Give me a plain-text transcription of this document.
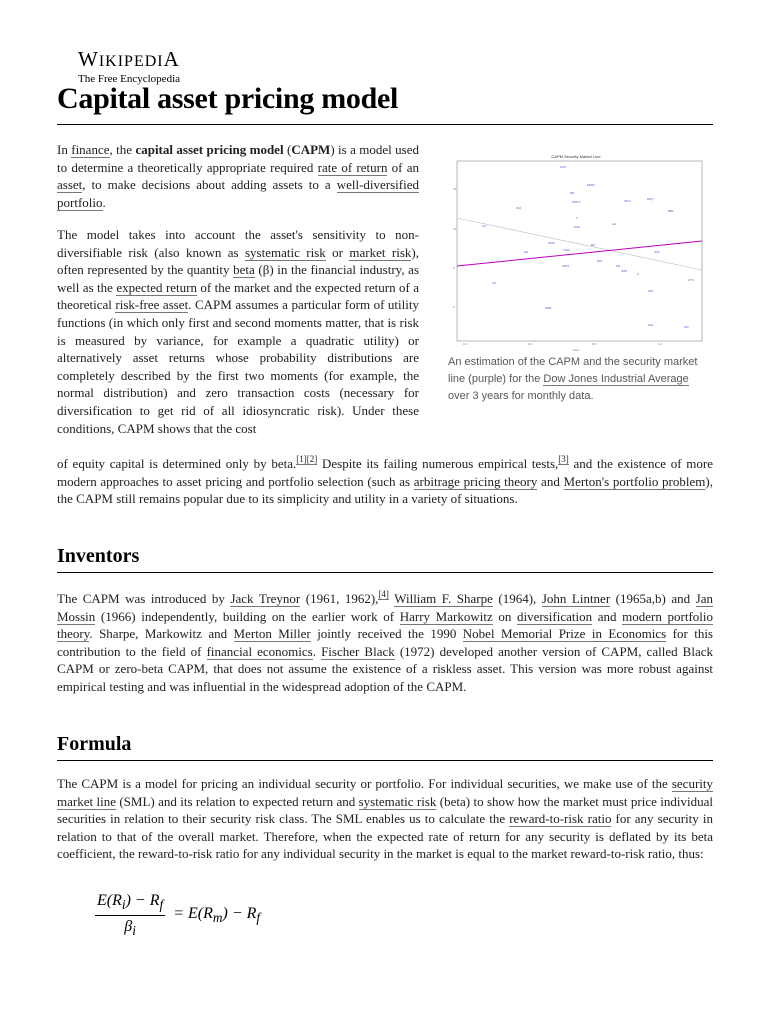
WIKIPEDIA
The Free Encyclopedia
Capital asset pricing model
CAPM Security Market Line
AXP
MMM
DD
MSFT	INTC	HPQ
JNJ
IBM
T
PFE
AA
KO
MCD	BA
XOM
GE	CAT
DIS
WMT	HD
JPM
C
VZ
UTX
GM
MRK
AIG	MO
15
10
5
0
0.4	0.6	0.8	1.2
beta
An estimation of the CAPM and the security market line (purple) for the Dow Jones Industrial Average over 3 years for monthly data.

In finance, the capital asset pricing model (CAPM) is a model used to determine a theoretically appropriate required rate of return of an asset, to make decisions about adding assets to a well-diversified portfolio.

The model takes into account the asset's sensitivity to non-diversifiable risk (also known as systematic risk or market risk), often represented by the quantity beta (β) in the financial industry, as well as the expected return of the market and the expected return of a theoretical risk-free asset. CAPM assumes a particular form of utility functions (in which only first and second moments matter, that is risk is measured by variance, for example a quadratic utility) or alternatively asset returns whose probability distributions are completely described by the first two moments (for example, the normal distribution) and zero transaction costs (necessary for diversification to get rid of all idiosyncratic risk). Under these conditions, CAPM shows that the cost

of equity capital is determined only by beta.[1][2] Despite its failing numerous empirical tests,[3] and the existence of more modern approaches to asset pricing and portfolio selection (such as arbitrage pricing theory and Merton's portfolio problem), the CAPM still remains popular due to its simplicity and utility in a variety of situations.

Inventors

The CAPM was introduced by Jack Treynor (1961, 1962),[4] William F. Sharpe (1964), John Lintner (1965a,b) and Jan Mossin (1966) independently, building on the earlier work of Harry Markowitz on diversification and modern portfolio theory. Sharpe, Markowitz and Merton Miller jointly received the 1990 Nobel Memorial Prize in Economics for this contribution to the field of financial economics. Fischer Black (1972) developed another version of CAPM, called Black CAPM or zero-beta CAPM, that does not assume the existence of a riskless asset. This version was more robust against empirical testing and was influential in the widespread adoption of the CAPM.

Formula

The CAPM is a model for pricing an individual security or portfolio. For individual securities, we make use of the security market line (SML) and its relation to expected return and systematic risk (beta) to show how the market must price individual securities in relation to their security risk class. The SML enables us to calculate the reward-to-risk ratio for any security in relation to that of the overall market. Therefore, when the expected rate of return for any security is deflated by its beta coefficient, the reward-to-risk ratio for any individual security in the market is equal to the market reward-to-risk ratio, thus:

$\frac{E(R_i) - R_f}{\beta_i} = E(R_m) - R_f$
